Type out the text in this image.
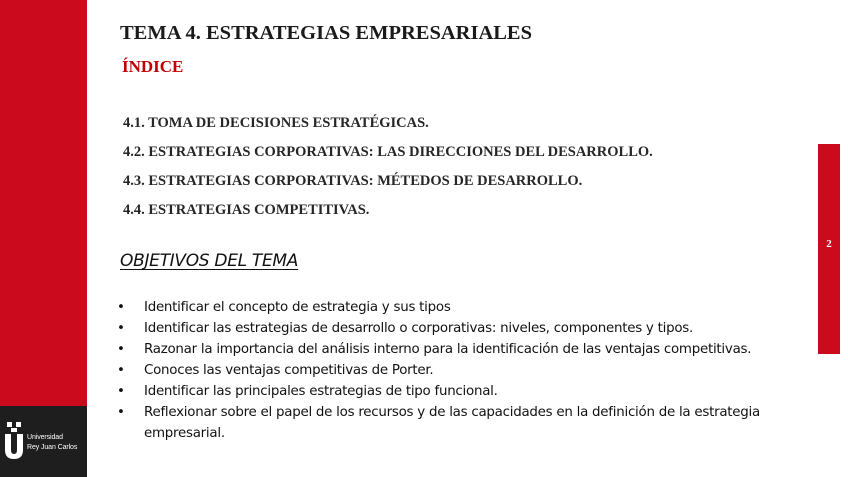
Universidad
Rey Juan Carlos
2
TEMA 4. ESTRATEGIAS EMPRESARIALES
ÍNDICE
4.1. TOMA DE DECISIONES ESTRATÉGICAS.
4.2. ESTRATEGIAS CORPORATIVAS: LAS DIRECCIONES DEL DESARROLLO.
4.3. ESTRATEGIAS CORPORATIVAS: MÉTEDOS DE DESARROLLO.
4.4. ESTRATEGIAS COMPETITIVAS.
OBJETIVOS DEL TEMA
• Identificar el concepto de estrategia y sus tipos
• Identificar las estrategias de desarrollo o corporativas: niveles, componentes y tipos.
• Razonar la importancia del análisis interno para la identificación de las ventajas competitivas.
• Conoces las ventajas competitivas de Porter.
• Identificar las principales estrategias de tipo funcional.
• Reflexionar sobre el papel de los recursos y de las capacidades en la definición de la estrategia empresarial.
